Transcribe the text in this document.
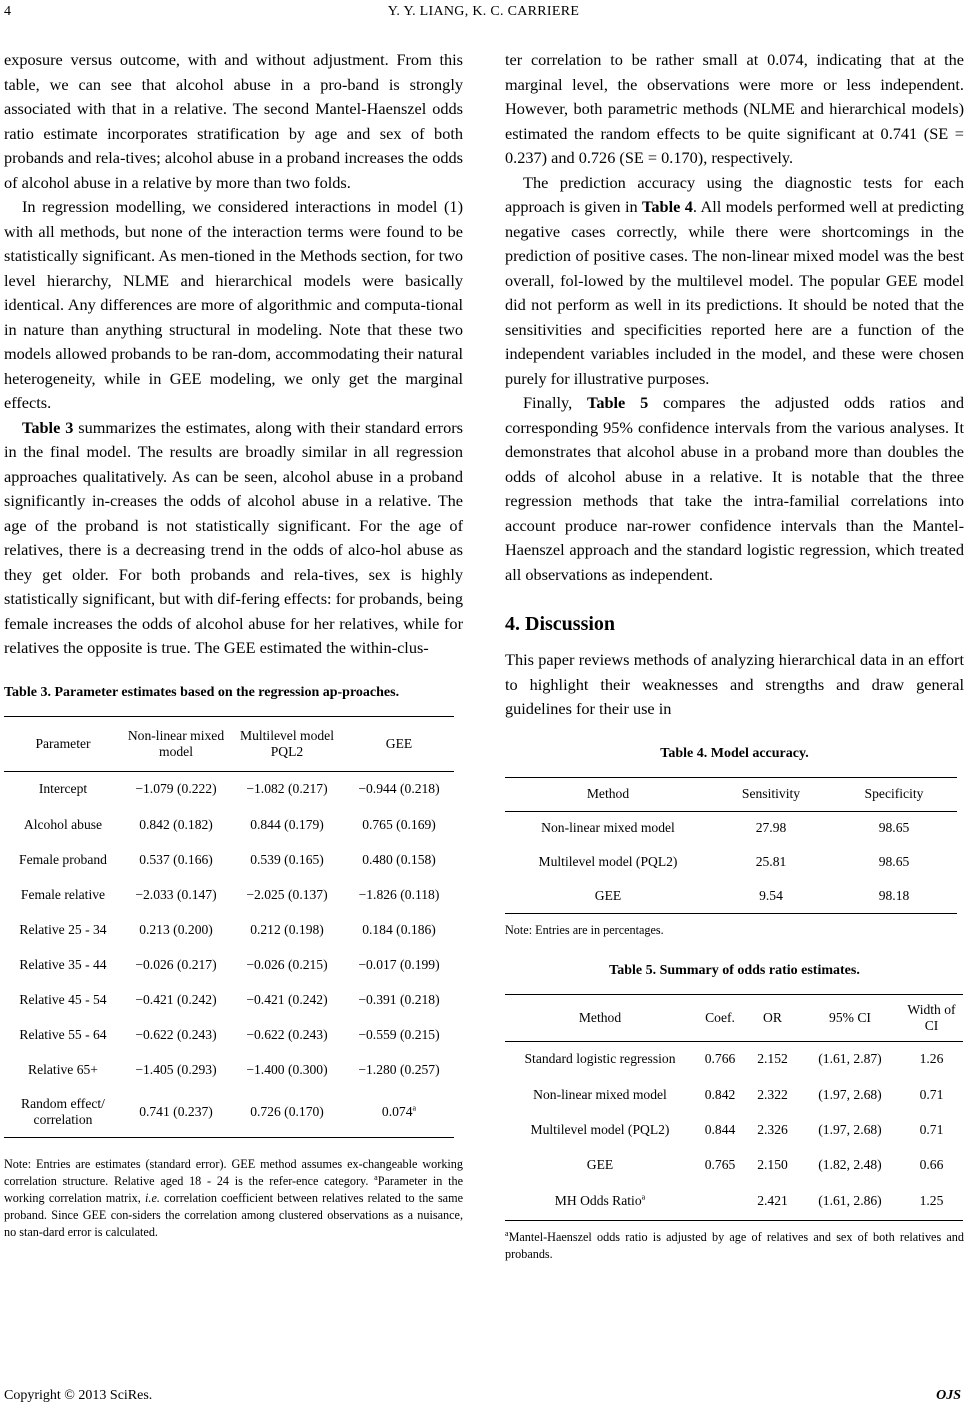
4	Y. Y. LIANG, K. C. CARRIERE

exposure versus outcome, with and without adjustment. From this table, we can see that alcohol abuse in a pro-band is strongly associated with that in a relative. The second Mantel-Haenszel odds ratio estimate incorporates stratification by age and sex of both probands and rela-tives; alcohol abuse in a proband increases the odds of alcohol abuse in a relative by more than two folds.

In regression modelling, we considered interactions in model (1) with all methods, but none of the interaction terms were found to be statistically significant. As men-tioned in the Methods section, for two level hierarchy, NLME and hierarchical models were basically identical. Any differences are more of algorithmic and computa-tional in nature than anything structural in modeling. Note that these two models allowed probands to be ran-dom, accommodating their natural heterogeneity, while in GEE modeling, we only get the marginal effects.

Table 3 summarizes the estimates, along with their standard errors in the final model. The results are broadly similar in all regression approaches qualitatively. As can be seen, alcohol abuse in a proband significantly in-creases the odds of alcohol abuse in a relative. The age of the proband is not statistically significant. For the age of relatives, there is a decreasing trend in the odds of alco-hol abuse as they get older. For both probands and rela-tives, sex is highly statistically significant, but with dif-fering effects: for probands, being female increases the odds of alcohol abuse for her relatives, while for relatives the opposite is true. The GEE estimated the within-clus-

Table 3. Parameter estimates based on the regression ap-proaches.

Parameter	Non-linear mixed model	Multilevel model PQL2	GEE
Intercept	−1.079 (0.222)	−1.082 (0.217)	−0.944 (0.218)
Alcohol abuse	0.842 (0.182)	0.844 (0.179)	0.765 (0.169)
Female proband	0.537 (0.166)	0.539 (0.165)	0.480 (0.158)
Female relative	−2.033 (0.147)	−2.025 (0.137)	−1.826 (0.118)
Relative 25 - 34	0.213 (0.200)	0.212 (0.198)	0.184 (0.186)
Relative 35 - 44	−0.026 (0.217)	−0.026 (0.215)	−0.017 (0.199)
Relative 45 - 54	−0.421 (0.242)	−0.421 (0.242)	−0.391 (0.218)
Relative 55 - 64	−0.622 (0.243)	−0.622 (0.243)	−0.559 (0.215)
Relative 65+	−1.405 (0.293)	−1.400 (0.300)	−1.280 (0.257)
Random effect/ correlation	0.741 (0.237)	0.726 (0.170)	0.074$^a$

Note: Entries are estimates (standard error). GEE method assumes ex-changeable working correlation structure. Relative aged 18 - 24 is the refer-ence category. $^a$Parameter in the working correlation matrix, i.e. correlation coefficient between relatives related to the same proband. Since GEE con-siders the correlation among clustered observations as a nuisance, no stan-dard error is calculated.

ter correlation to be rather small at 0.074, indicating that at the marginal level, the observations were more or less independent. However, both parametric methods (NLME and hierarchical models) estimated the random effects to be quite significant at 0.741 (SE = 0.237) and 0.726 (SE = 0.170), respectively.

The prediction accuracy using the diagnostic tests for each approach is given in Table 4. All models performed well at predicting negative cases correctly, while there were shortcomings in the prediction of positive cases. The non-linear mixed model was the best overall, fol-lowed by the multilevel model. The popular GEE model did not perform as well in its predictions. It should be noted that the sensitivities and specificities reported here are a function of the independent variables included in the model, and these were chosen purely for illustrative purposes.

Finally, Table 5 compares the adjusted odds ratios and corresponding 95% confidence intervals from the various analyses. It demonstrates that alcohol abuse in a proband more than doubles the odds of alcohol abuse in a relative. It is notable that the three regression methods that take the intra-familial correlations into account produce nar-rower confidence intervals than the Mantel-Haenszel approach and the standard logistic regression, which treated all observations as independent.

4. Discussion

This paper reviews methods of analyzing hierarchical data in an effort to highlight their weaknesses and strengths and draw general guidelines for their use in

Table 4. Model accuracy.

Method	Sensitivity	Specificity
Non-linear mixed model	27.98	98.65
Multilevel model (PQL2)	25.81	98.65
GEE	9.54	98.18

Note: Entries are in percentages.

Table 5. Summary of odds ratio estimates.

Method	Coef.	OR	95% CI	Width of CI
Standard logistic regression	0.766	2.152	(1.61, 2.87)	1.26
Non-linear mixed model	0.842	2.322	(1.97, 2.68)	0.71
Multilevel model (PQL2)	0.844	2.326	(1.97, 2.68)	0.71
GEE	0.765	2.150	(1.82, 2.48)	0.66
MH Odds Ratio$^a$		2.421	(1.61, 2.86)	1.25

$^a$Mantel-Haenszel odds ratio is adjusted by age of relatives and sex of both relatives and probands.

Copyright © 2013 SciRes.	OJS
